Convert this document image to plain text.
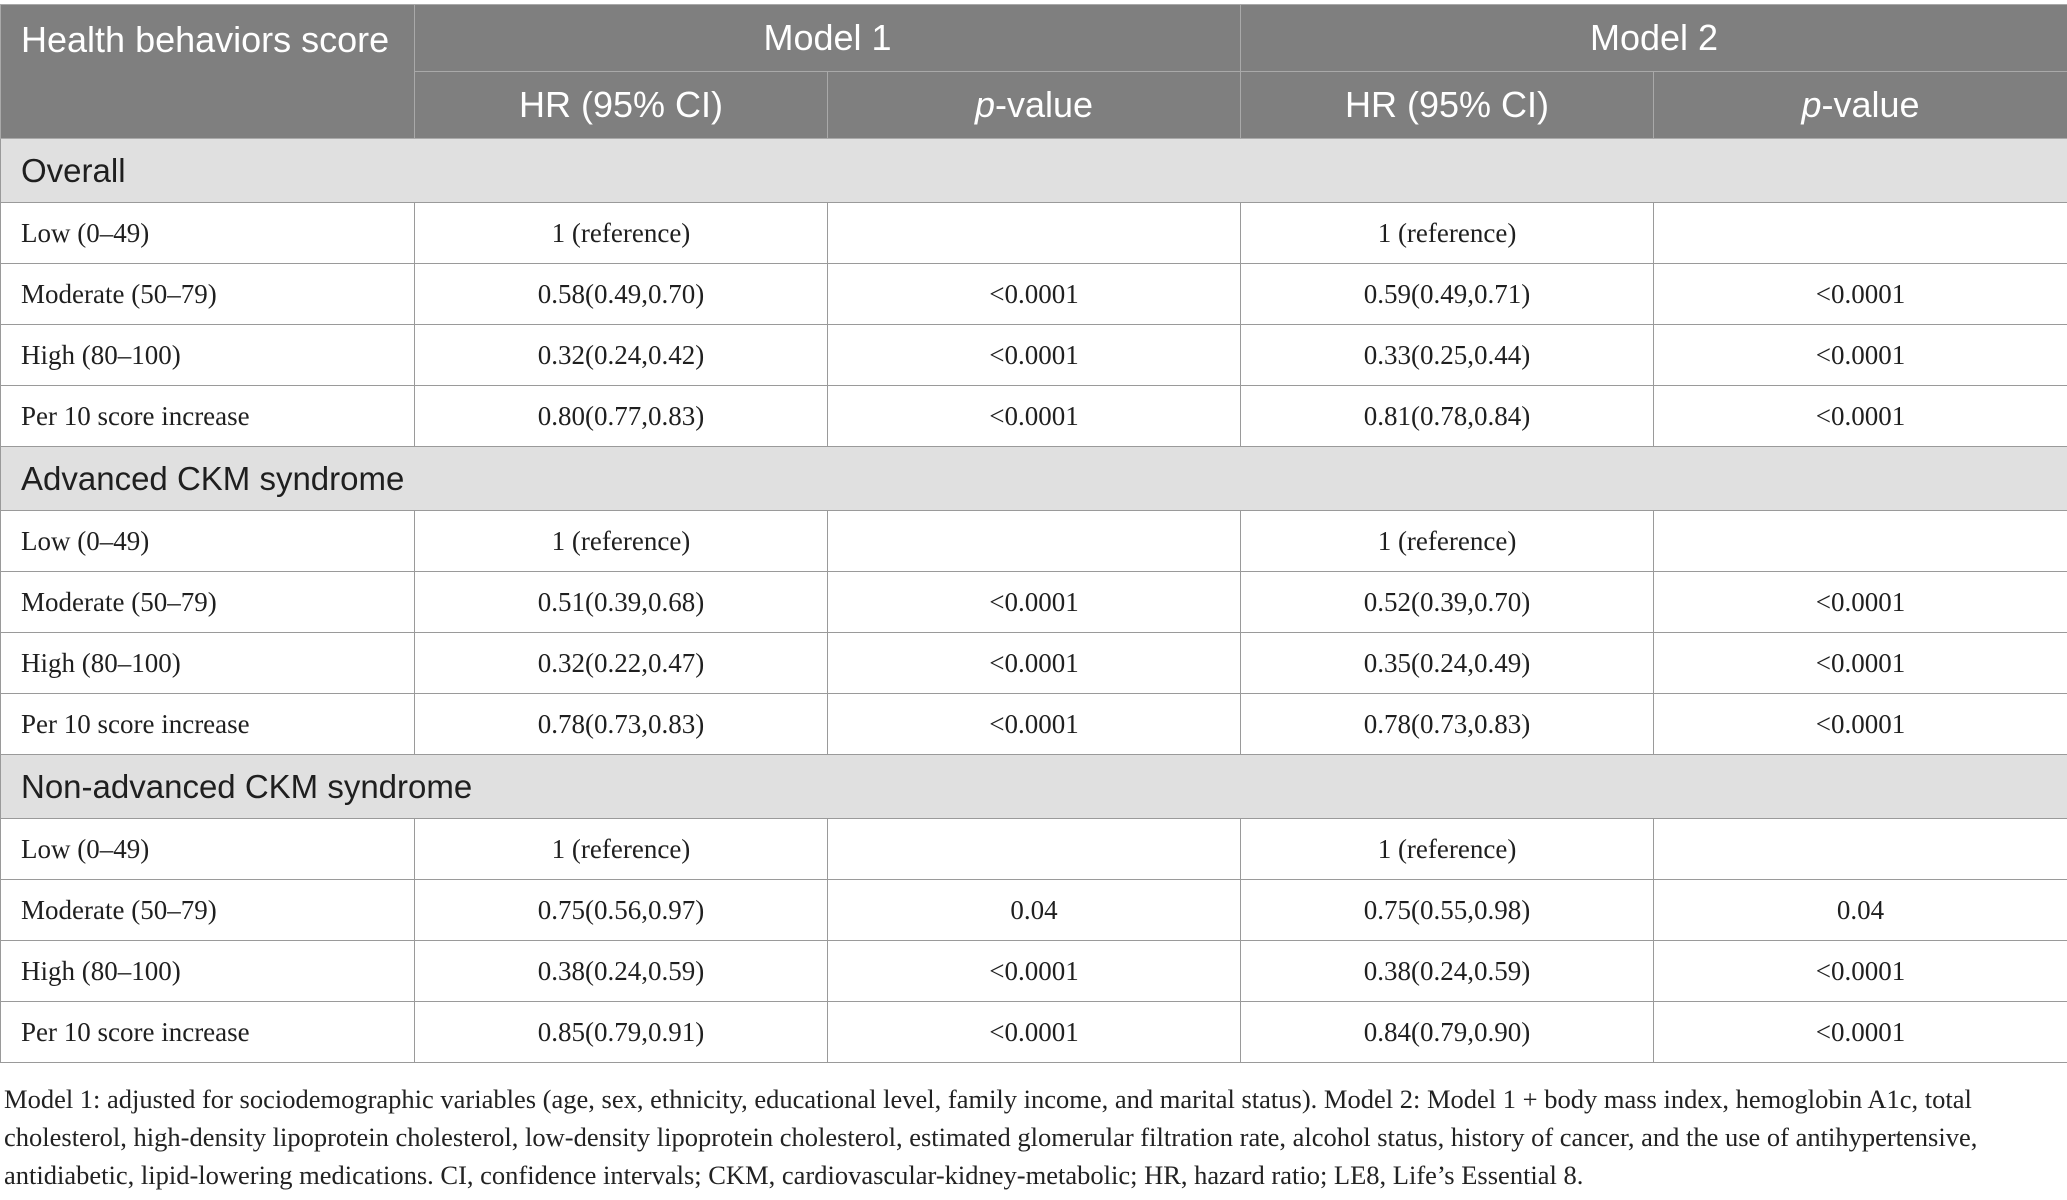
Health behaviors score	Model 1		Model 2	
	HR (95% CI)	p-value	HR (95% CI)	p-value
Overall				
Low (0–49)	1 (reference)		1 (reference)	
Moderate (50–79)	0.58(0.49,0.70)	<0.0001	0.59(0.49,0.71)	<0.0001
High (80–100)	0.32(0.24,0.42)	<0.0001	0.33(0.25,0.44)	<0.0001
Per 10 score increase	0.80(0.77,0.83)	<0.0001	0.81(0.78,0.84)	<0.0001
Advanced CKM syndrome				
Low (0–49)	1 (reference)		1 (reference)	
Moderate (50–79)	0.51(0.39,0.68)	<0.0001	0.52(0.39,0.70)	<0.0001
High (80–100)	0.32(0.22,0.47)	<0.0001	0.35(0.24,0.49)	<0.0001
Per 10 score increase	0.78(0.73,0.83)	<0.0001	0.78(0.73,0.83)	<0.0001
Non-advanced CKM syndrome				
Low (0–49)	1 (reference)		1 (reference)	
Moderate (50–79)	0.75(0.56,0.97)	0.04	0.75(0.55,0.98)	0.04
High (80–100)	0.38(0.24,0.59)	<0.0001	0.38(0.24,0.59)	<0.0001
Per 10 score increase	0.85(0.79,0.91)	<0.0001	0.84(0.79,0.90)	<0.0001
Model 1: adjusted for sociodemographic variables (age, sex, ethnicity, educational level, family income, and marital status). Model 2: Model 1 + body mass index, hemoglobin A1c, total cholesterol, high-density lipoprotein cholesterol, low-density lipoprotein cholesterol, estimated glomerular filtration rate, alcohol status, history of cancer, and the use of antihypertensive, antidiabetic, lipid-lowering medications. CI, confidence intervals; CKM, cardiovascular-kidney-metabolic; HR, hazard ratio; LE8, Life’s Essential 8.
